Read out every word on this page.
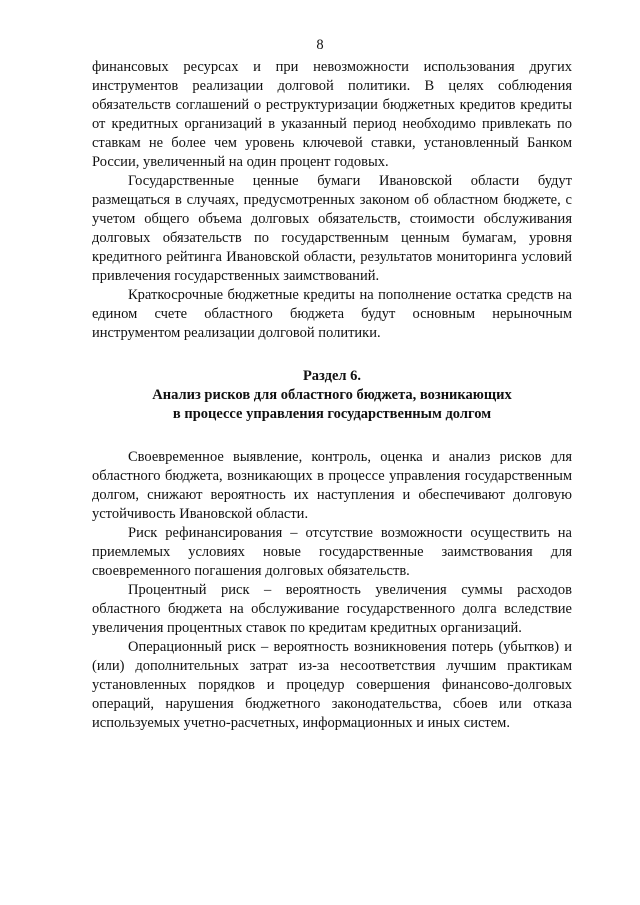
8

финансовых ресурсах и при невозможности использования других инструментов реализации долговой политики. В целях соблюдения обязательств соглашений о реструктуризации бюджетных кредитов кредиты от кредитных организаций в указанный период необходимо привлекать по ставкам не более чем уровень ключевой ставки, установленный Банком России, увеличенный на один процент годовых.

Государственные ценные бумаги Ивановской области будут размещаться в случаях, предусмотренных законом об областном бюджете, с учетом общего объема долговых обязательств, стоимости обслуживания долговых обязательств по государственным ценным бумагам, уровня кредитного рейтинга Ивановской области, результатов мониторинга условий привлечения государственных заимствований.

Краткосрочные бюджетные кредиты на пополнение остатка средств на едином счете областного бюджета будут основным нерыночным инструментом реализации долговой политики.

Раздел 6.
Анализ рисков для областного бюджета, возникающих
в процессе управления государственным долгом

Своевременное выявление, контроль, оценка и анализ рисков для областного бюджета, возникающих в процессе управления государственным долгом, снижают вероятность их наступления и обеспечивают долговую устойчивость Ивановской области.

Риск рефинансирования – отсутствие возможности осуществить на приемлемых условиях новые государственные заимствования для своевременного погашения долговых обязательств.

Процентный риск – вероятность увеличения суммы расходов областного бюджета на обслуживание государственного долга вследствие увеличения процентных ставок по кредитам кредитных организаций.

Операционный риск – вероятность возникновения потерь (убытков) и (или) дополнительных затрат из-за несоответствия лучшим практикам установленных порядков и процедур совершения финансово-долговых операций, нарушения бюджетного законодательства, сбоев или отказа используемых учетно-расчетных, информационных и иных систем.
